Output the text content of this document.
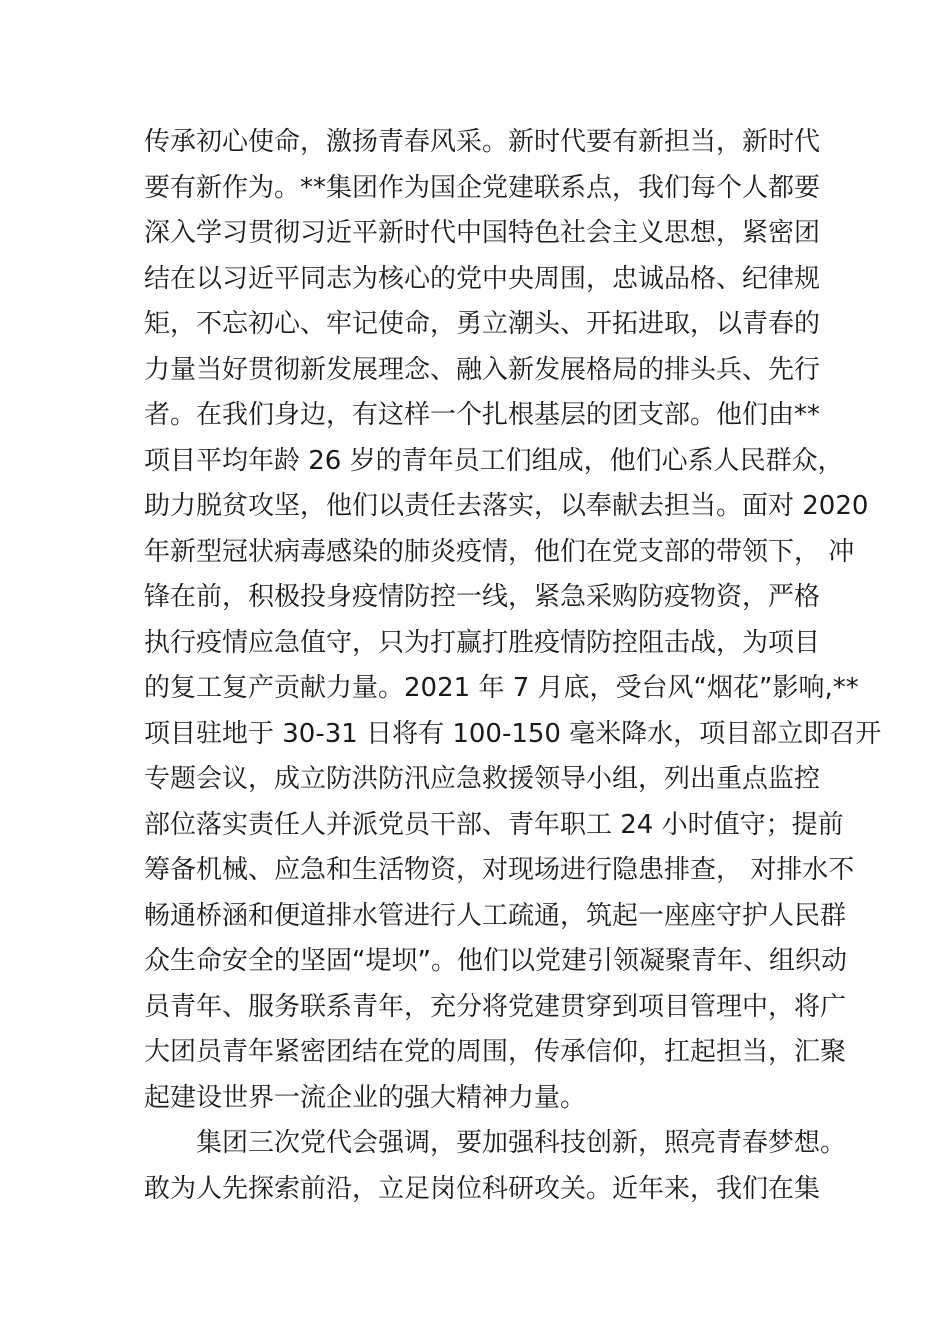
传承初心使命，激扬青春风采。新时代要有新担当，新时代
要有新作为。**集团作为国企党建联系点，我们每个人都要
深入学习贯彻习近平新时代中国特色社会主义思想，紧密团
结在以习近平同志为核心的党中央周围，忠诚品格、纪律规
矩，不忘初心、牢记使命，勇立潮头、开拓进取，以青春的
力量当好贯彻新发展理念、融入新发展格局的排头兵、先行
者。在我们身边，有这样一个扎根基层的团支部。他们由**
项目平均年龄 26 岁的青年员工们组成，他们心系人民群众，
助力脱贫攻坚，他们以责任去落实，以奉献去担当。面对 2020
年新型冠状病毒感染的肺炎疫情，他们在党支部的带领下， 冲
锋在前，积极投身疫情防控一线，紧急采购防疫物资，严格
执行疫情应急值守，只为打赢打胜疫情防控阻击战，为项目
的复工复产贡献力量。2021 年 7 月底，受台风“烟花”影响,**
项目驻地于 30-31 日将有 100-150 毫米降水，项目部立即召开
专题会议，成立防洪防汛应急救援领导小组，列出重点监控
部位落实责任人并派党员干部、青年职工 24 小时值守；提前
筹备机械、应急和生活物资，对现场进行隐患排查， 对排水不
畅通桥涵和便道排水管进行人工疏通，筑起一座座守护人民群
众生命安全的坚固“堤坝”。他们以党建引领凝聚青年、组织动
员青年、服务联系青年，充分将党建贯穿到项目管理中，将广
大团员青年紧密团结在党的周围，传承信仰，扛起担当，汇聚
起建设世界一流企业的强大精神力量。
集团三次党代会强调，要加强科技创新，照亮青春梦想。
敢为人先探索前沿，立足岗位科研攻关。近年来，我们在集
